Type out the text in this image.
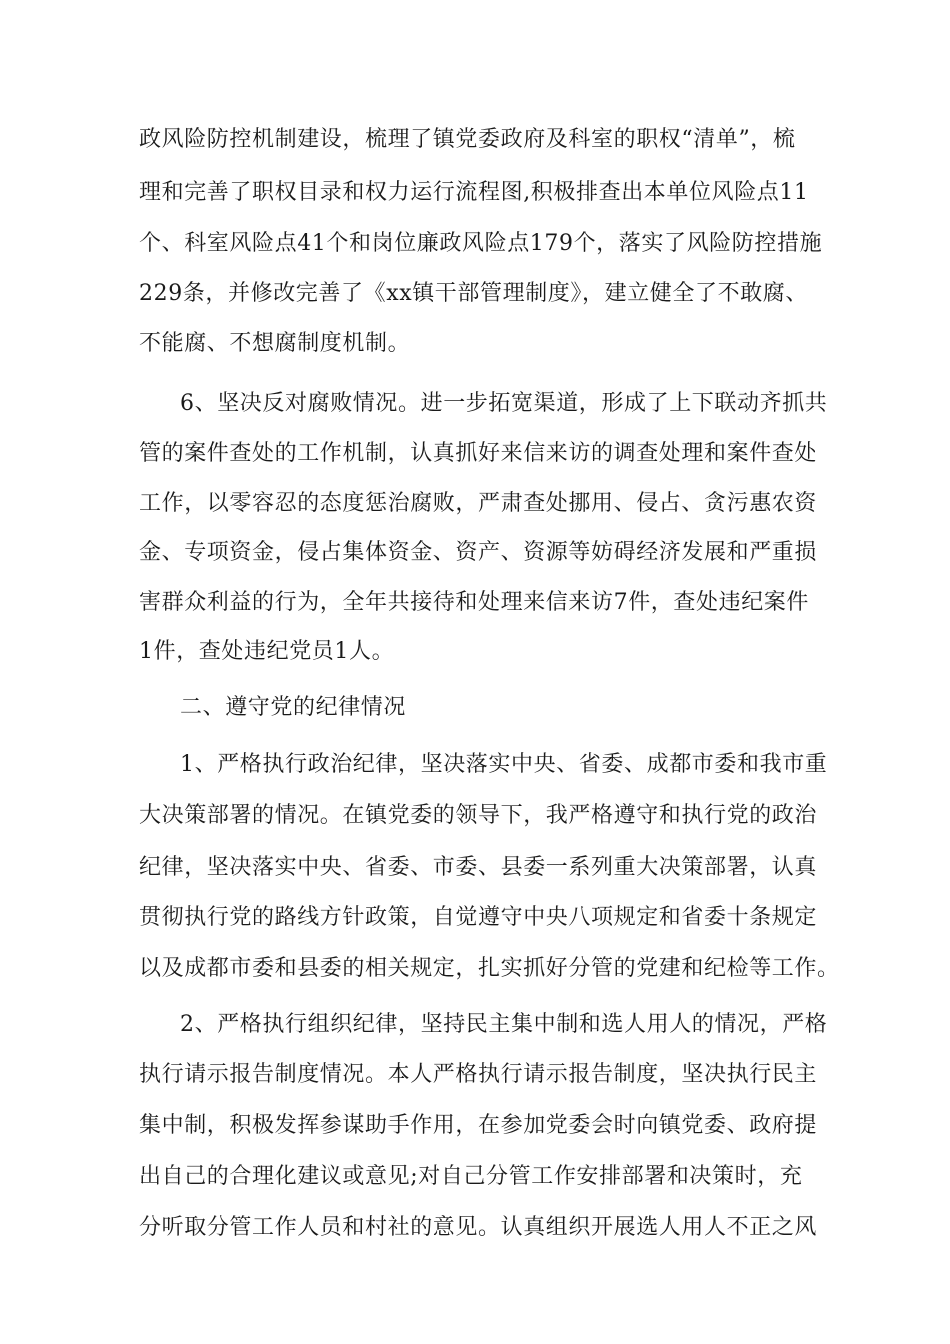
政风险防控机制建设，梳理了镇党委政府及科室的职权“清单”，梳
理和完善了职权目录和权力运行流程图,积极排查出本单位风险点11
个、科室风险点41个和岗位廉政风险点179个，落实了风险防控措施
229条，并修改完善了《xx镇干部管理制度》，建立健全了不敢腐、
不能腐、不想腐制度机制。
6、坚决反对腐败情况。进一步拓宽渠道，形成了上下联动齐抓共
管的案件查处的工作机制，认真抓好来信来访的调查处理和案件查处
工作，以零容忍的态度惩治腐败，严肃查处挪用、侵占、贪污惠农资
金、专项资金，侵占集体资金、资产、资源等妨碍经济发展和严重损
害群众利益的行为，全年共接待和处理来信来访7件，查处违纪案件
1件，查处违纪党员1人。
二、遵守党的纪律情况
1、严格执行政治纪律，坚决落实中央、省委、成都市委和我市重
大决策部署的情况。在镇党委的领导下，我严格遵守和执行党的政治
纪律，坚决落实中央、省委、市委、县委一系列重大决策部署，认真
贯彻执行党的路线方针政策，自觉遵守中央八项规定和省委十条规定
以及成都市委和县委的相关规定，扎实抓好分管的党建和纪检等工作。
2、严格执行组织纪律，坚持民主集中制和选人用人的情况，严格
执行请示报告制度情况。本人严格执行请示报告制度，坚决执行民主
集中制，积极发挥参谋助手作用，在参加党委会时向镇党委、政府提
出自己的合理化建议或意见;对自己分管工作安排部署和决策时，充
分听取分管工作人员和村社的意见。认真组织开展选人用人不正之风
